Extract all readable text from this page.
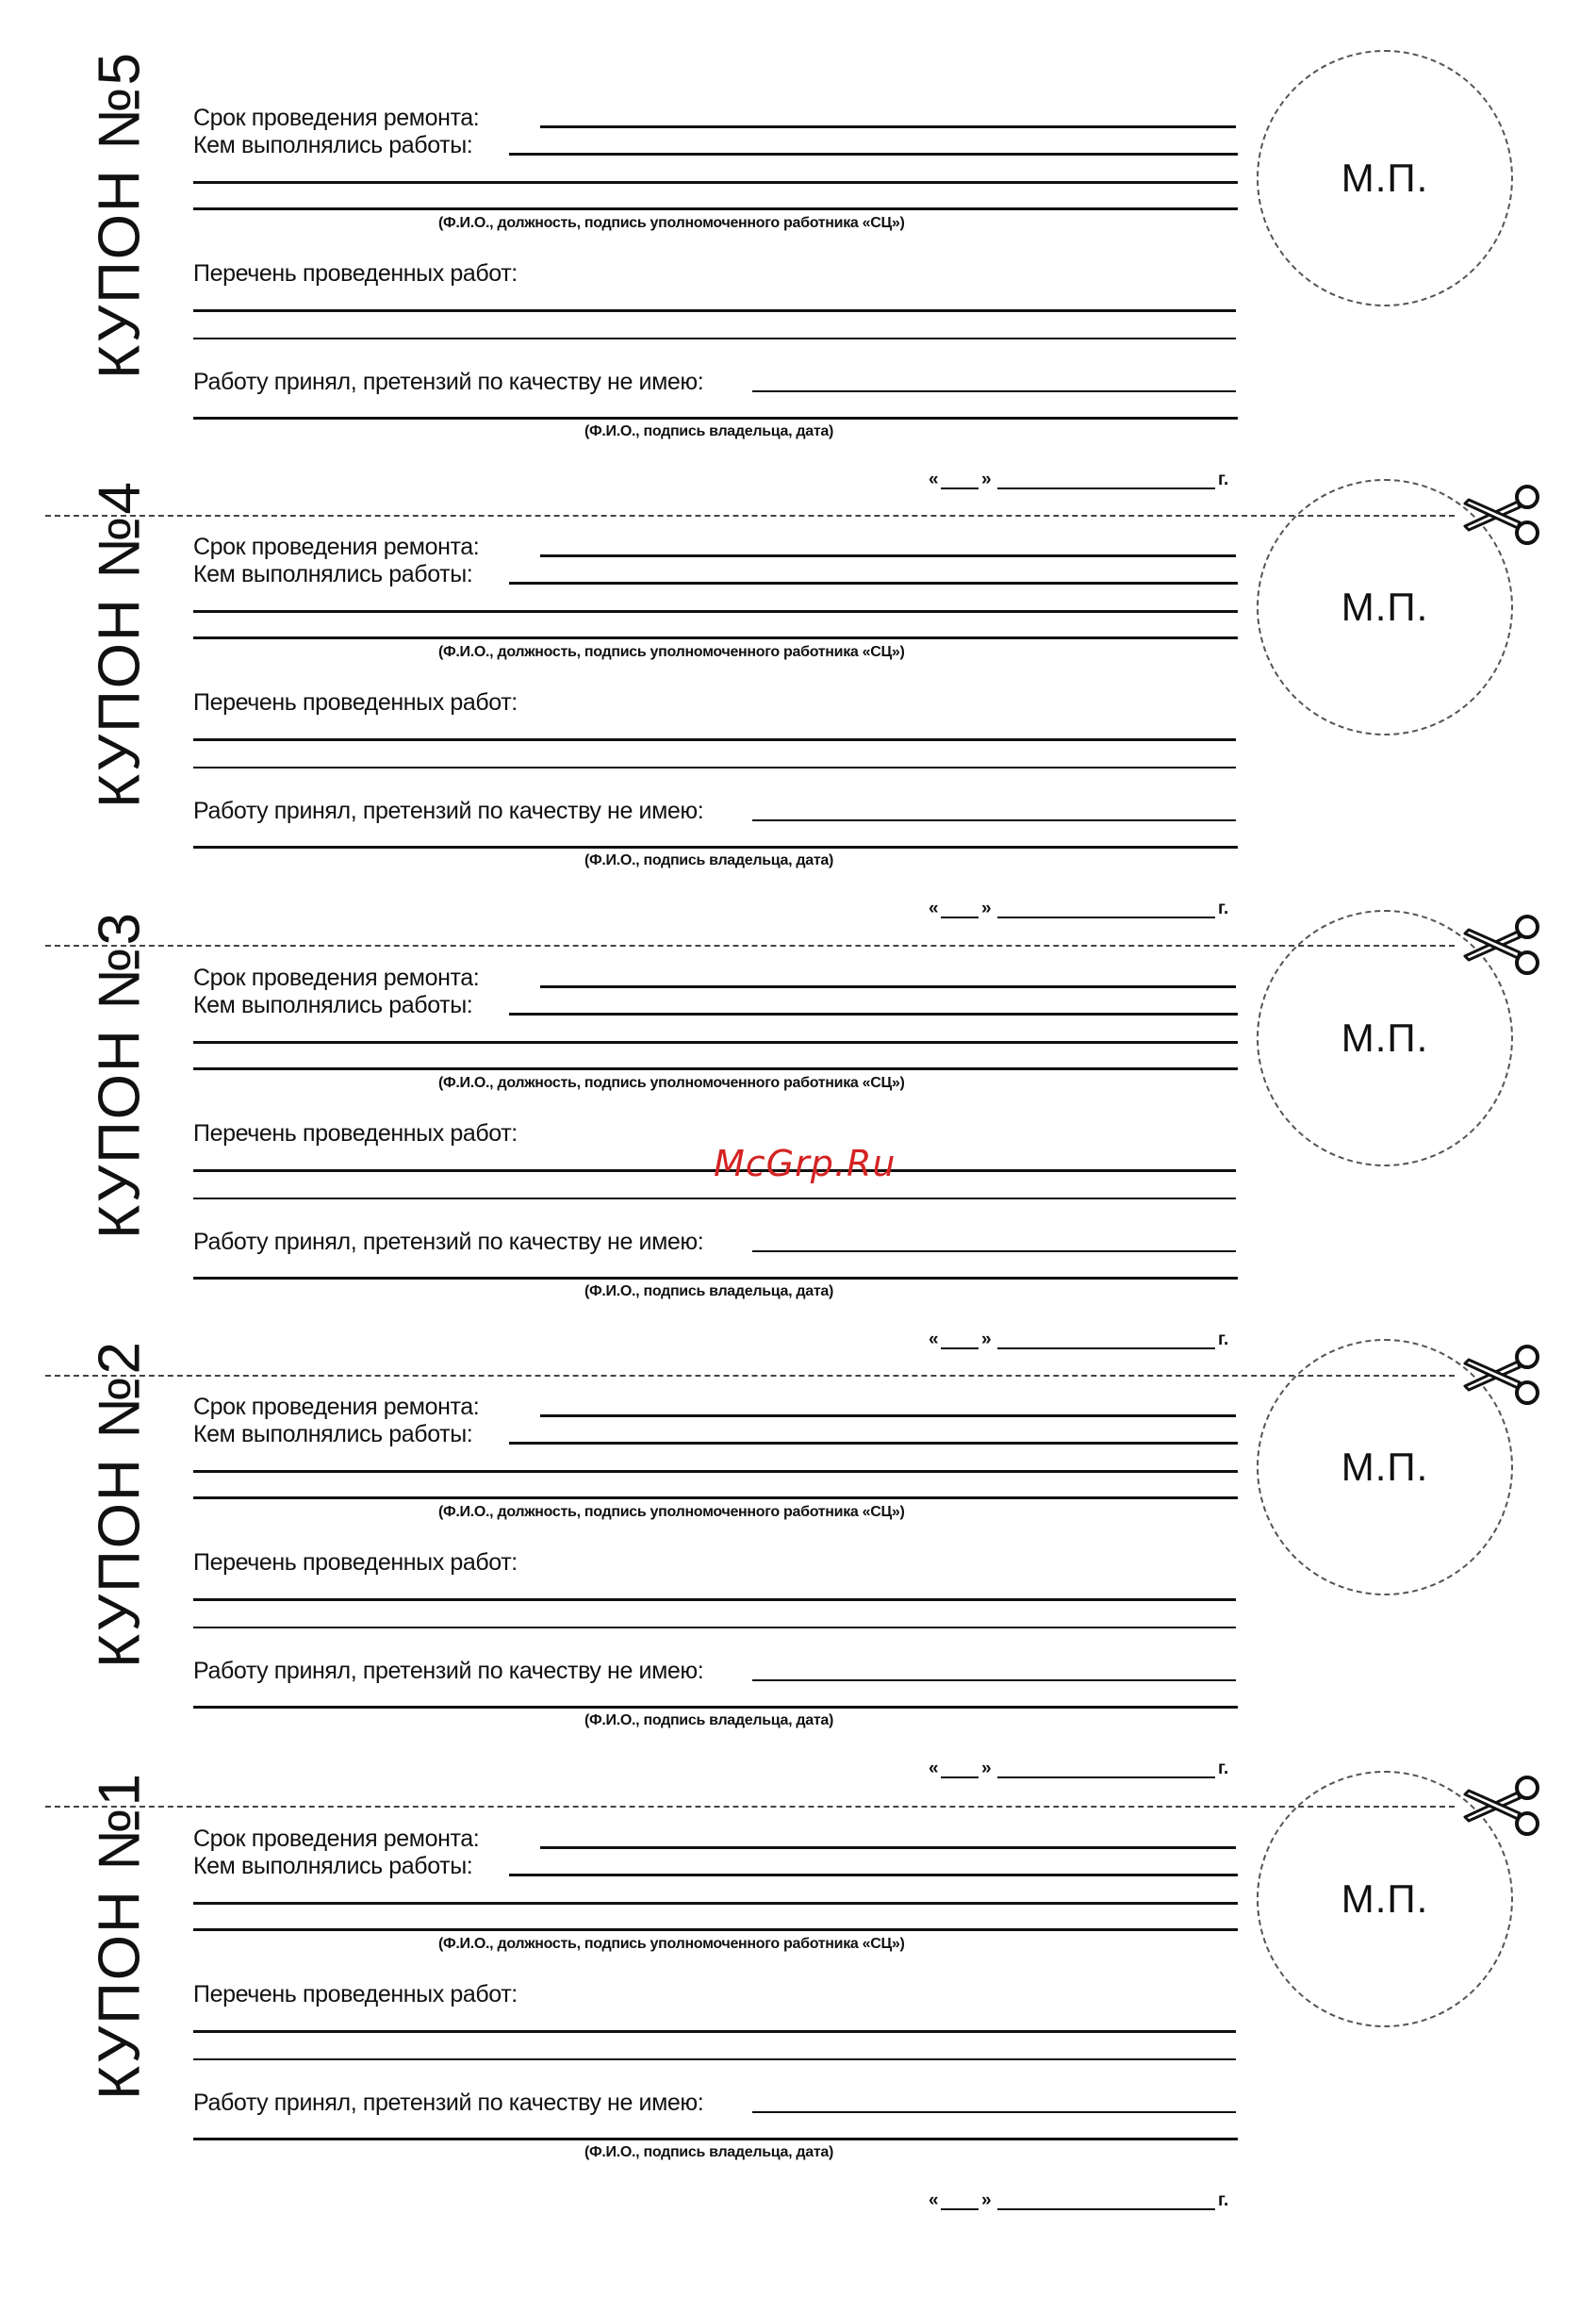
КУПОН №5 Срок проведения ремонта:
Кем выполнялись работы:
(Ф.И.О., должность, подпись уполномоченного работника «СЦ»)
Перечень проведенных работ:
Работу принял, претензий по качеству не имею:
(Ф.И.О., подпись владельца, дата)
М.П.
« »	г.
КУПОН №4 Срок проведения ремонта:
Кем выполнялись работы:
(Ф.И.О., должность, подпись уполномоченного работника «СЦ»)
Перечень проведенных работ:
Работу принял, претензий по качеству не имею:
(Ф.И.О., подпись владельца, дата)
М.П.
« »	г.
КУПОН №3 Срок проведения ремонта:
Кем выполнялись работы:
(Ф.И.О., должность, подпись уполномоченного работника «СЦ»)
Перечень проведенных работ:
Работу принял, претензий по качеству не имею:
(Ф.И.О., подпись владельца, дата)
М.П.
« »	г.
КУПОН №2 Срок проведения ремонта:
Кем выполнялись работы:
(Ф.И.О., должность, подпись уполномоченного работника «СЦ»)
Перечень проведенных работ:
Работу принял, претензий по качеству не имею:
(Ф.И.О., подпись владельца, дата)
М.П.
« »	г.
КУПОН №1 Срок проведения ремонта:
Кем выполнялись работы:
(Ф.И.О., должность, подпись уполномоченного работника «СЦ»)
Перечень проведенных работ:
Работу принял, претензий по качеству не имею:
(Ф.И.О., подпись владельца, дата)
М.П.
« »	г.
McGrp.Ru
